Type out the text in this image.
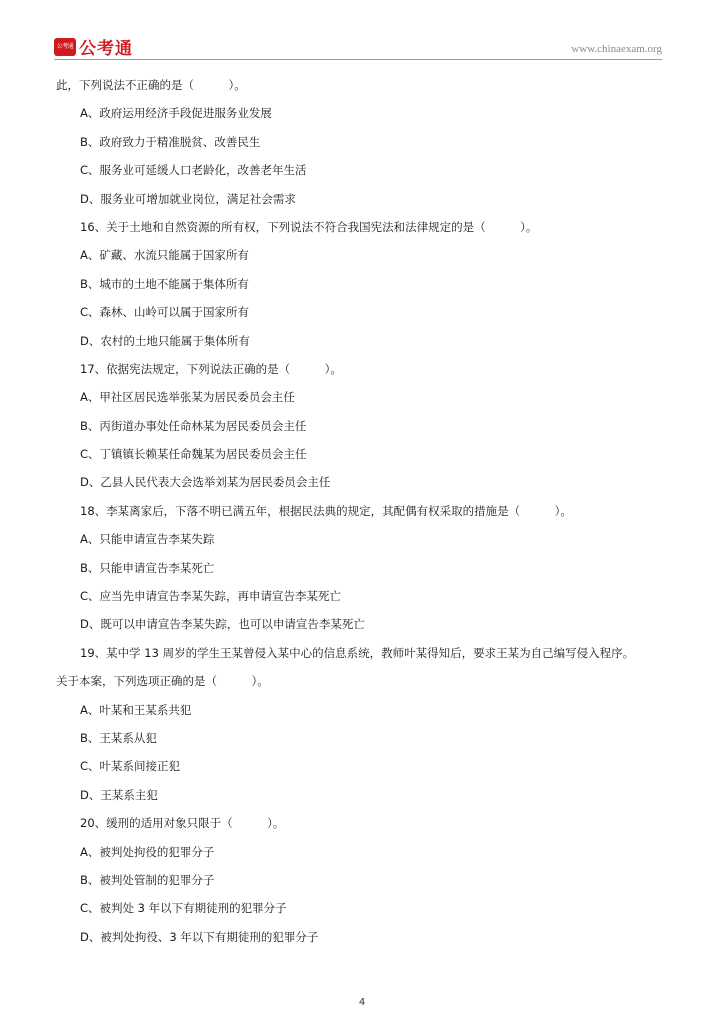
公考通 公考通	www.chinaexam.org
此，下列说法不正确的是（　　　）。
A、政府运用经济手段促进服务业发展
B、政府致力于精准脱贫、改善民生
C、服务业可延缓人口老龄化，改善老年生活
D、服务业可增加就业岗位，满足社会需求
16、关于土地和自然资源的所有权，下列说法不符合我国宪法和法律规定的是（　　　）。
A、矿藏、水流只能属于国家所有
B、城市的土地不能属于集体所有
C、森林、山岭可以属于国家所有
D、农村的土地只能属于集体所有
17、依据宪法规定，下列说法正确的是（　　　）。
A、甲社区居民选举张某为居民委员会主任
B、丙街道办事处任命林某为居民委员会主任
C、丁镇镇长赖某任命魏某为居民委员会主任
D、乙县人民代表大会选举刘某为居民委员会主任
18、李某离家后，下落不明已满五年，根据民法典的规定，其配偶有权采取的措施是（　　　）。
A、只能申请宣告李某失踪
B、只能申请宣告李某死亡
C、应当先申请宣告李某失踪，再申请宣告李某死亡
D、既可以申请宣告李某失踪，也可以申请宣告李某死亡
19、某中学 13 周岁的学生王某曾侵入某中心的信息系统，教师叶某得知后，要求王某为自己编写侵入程序。
关于本案，下列选项正确的是（　　　）。
A、叶某和王某系共犯
B、王某系从犯
C、叶某系间接正犯
D、王某系主犯
20、缓刑的适用对象只限于（　　　）。
A、被判处拘役的犯罪分子
B、被判处管制的犯罪分子
C、被判处 3 年以下有期徒刑的犯罪分子
D、被判处拘役、3 年以下有期徒刑的犯罪分子
4
